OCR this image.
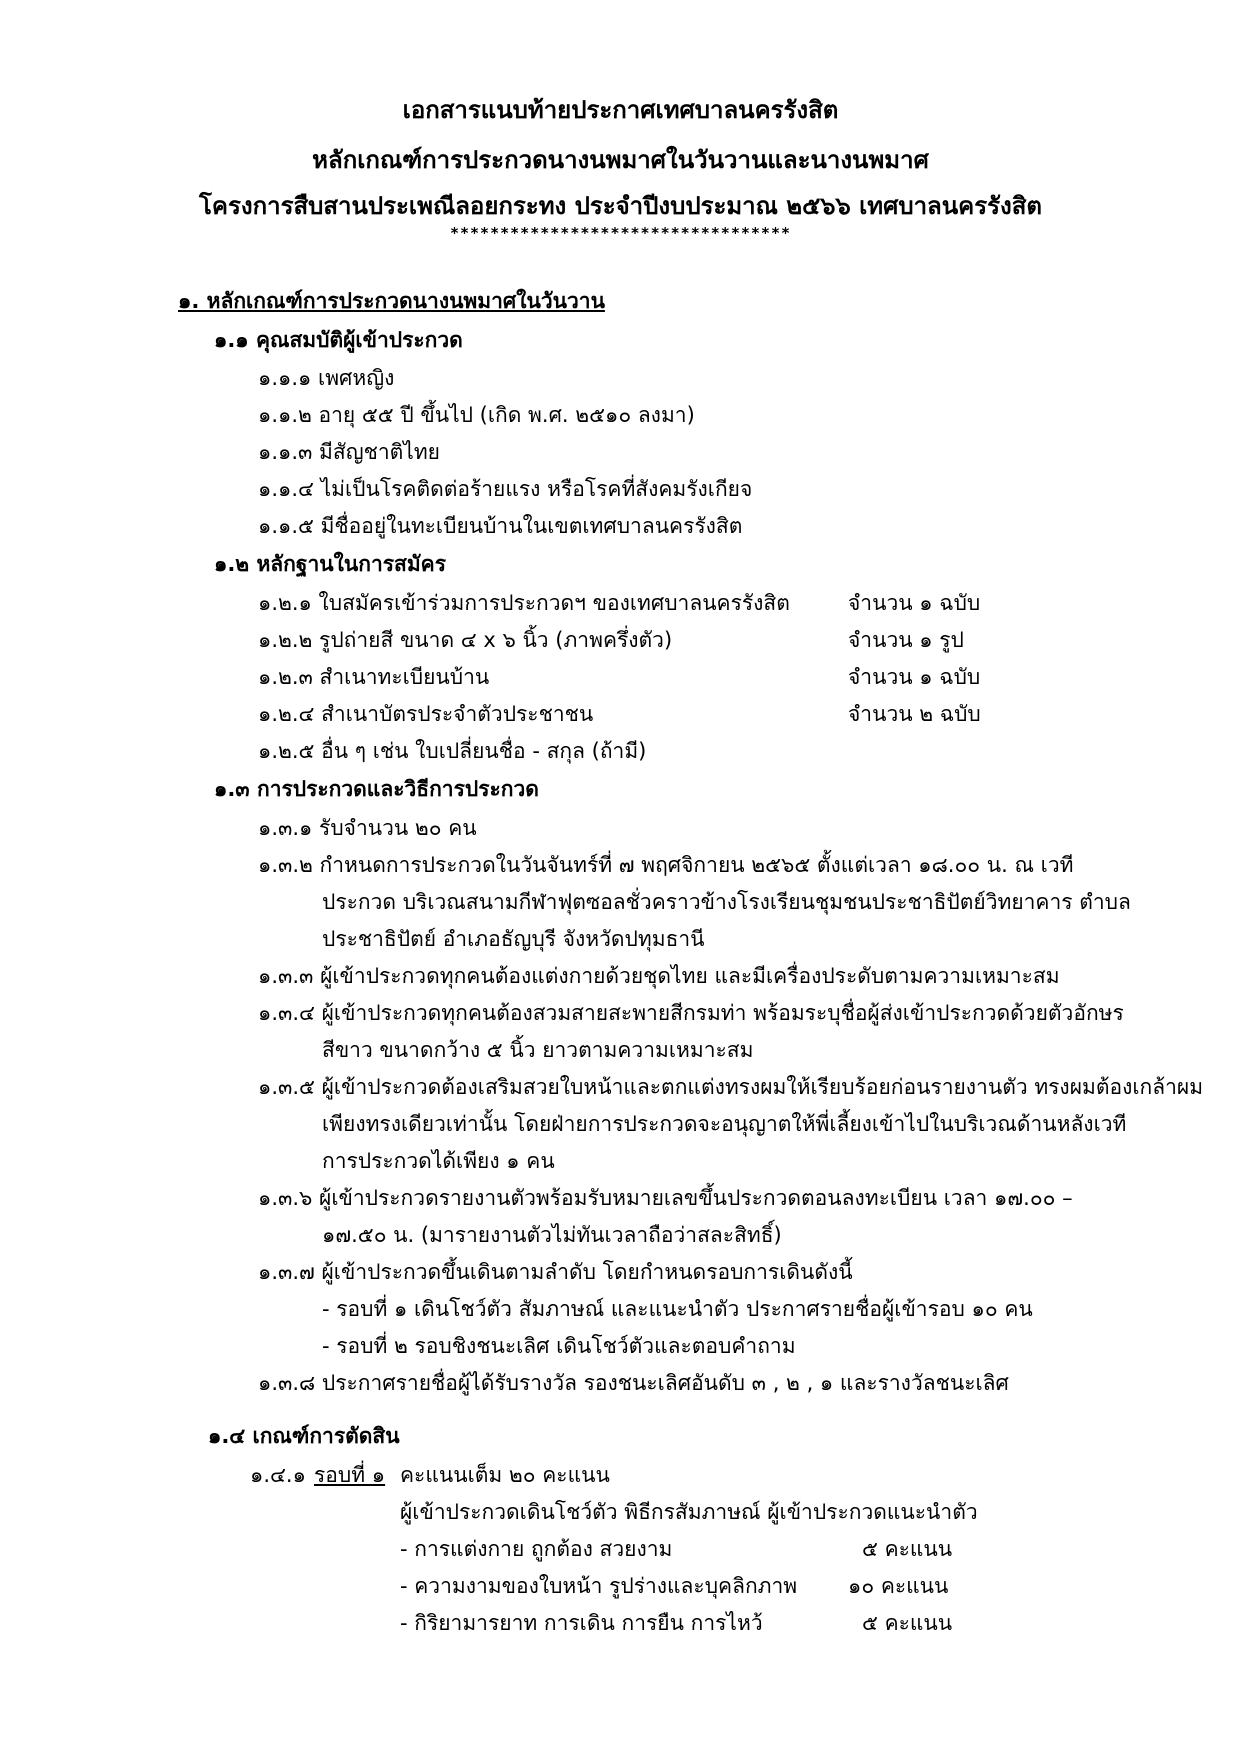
เอกสารแนบท้ายประกาศเทศบาลนครรังสิต
หลักเกณฑ์การประกวดนางนพมาศในวันวานและนางนพมาศ
โครงการสืบสานประเพณีลอยกระทง ประจำปีงบประมาณ ๒๕๖๖ เทศบาลนครรังสิต
**********************************
๑. หลักเกณฑ์การประกวดนางนพมาศในวันวาน
๑.๑ คุณสมบัติผู้เข้าประกวด
๑.๑.๑ เพศหญิง
๑.๑.๒ อายุ ๕๕ ปี ขึ้นไป (เกิด พ.ศ. ๒๕๑๐ ลงมา)
๑.๑.๓ มีสัญชาติไทย
๑.๑.๔ ไม่เป็นโรคติดต่อร้ายแรง หรือโรคที่สังคมรังเกียจ
๑.๑.๕ มีชื่ออยู่ในทะเบียนบ้านในเขตเทศบาลนครรังสิต
๑.๒ หลักฐานในการสมัคร
๑.๒.๑ ใบสมัครเข้าร่วมการประกวดฯ ของเทศบาลนครรังสิต	จำนวน ๑ ฉบับ
๑.๒.๒ รูปถ่ายสี ขนาด ๔ x ๖ นิ้ว (ภาพครึ่งตัว)	จำนวน ๑ รูป
๑.๒.๓ สำเนาทะเบียนบ้าน	จำนวน ๑ ฉบับ
๑.๒.๔ สำเนาบัตรประจำตัวประชาชน	จำนวน ๒ ฉบับ
๑.๒.๕ อื่น ๆ เช่น ใบเปลี่ยนชื่อ - สกุล (ถ้ามี)
๑.๓ การประกวดและวิธีการประกวด
๑.๓.๑ รับจำนวน ๒๐ คน
๑.๓.๒ กำหนดการประกวดในวันจันทร์ที่ ๗ พฤศจิกายน ๒๕๖๕ ตั้งแต่เวลา ๑๘.๐๐ น. ณ เวที
ประกวด บริเวณสนามกีฬาฟุตซอลชั่วคราวข้างโรงเรียนชุมชนประชาธิปัตย์วิทยาคาร ตำบล
ประชาธิปัตย์ อำเภอธัญบุรี จังหวัดปทุมธานี
๑.๓.๓ ผู้เข้าประกวดทุกคนต้องแต่งกายด้วยชุดไทย และมีเครื่องประดับตามความเหมาะสม
๑.๓.๔ ผู้เข้าประกวดทุกคนต้องสวมสายสะพายสีกรมท่า พร้อมระบุชื่อผู้ส่งเข้าประกวดด้วยตัวอักษร
สีขาว ขนาดกว้าง ๕ นิ้ว ยาวตามความเหมาะสม
๑.๓.๕ ผู้เข้าประกวดต้องเสริมสวยใบหน้าและตกแต่งทรงผมให้เรียบร้อยก่อนรายงานตัว ทรงผมต้องเกล้าผม
เพียงทรงเดียวเท่านั้น โดยฝ่ายการประกวดจะอนุญาตให้พี่เลี้ยงเข้าไปในบริเวณด้านหลังเวที
การประกวดได้เพียง ๑ คน
๑.๓.๖ ผู้เข้าประกวดรายงานตัวพร้อมรับหมายเลขขึ้นประกวดตอนลงทะเบียน เวลา ๑๗.๐๐ –
๑๗.๕๐ น. (มารายงานตัวไม่ทันเวลาถือว่าสละสิทธิ์)
๑.๓.๗ ผู้เข้าประกวดขึ้นเดินตามลำดับ โดยกำหนดรอบการเดินดังนี้
- รอบที่ ๑ เดินโชว์ตัว สัมภาษณ์ และแนะนำตัว ประกาศรายชื่อผู้เข้ารอบ ๑๐ คน
- รอบที่ ๒ รอบชิงชนะเลิศ เดินโชว์ตัวและตอบคำถาม
๑.๓.๘ ประกาศรายชื่อผู้ได้รับรางวัล รองชนะเลิศอันดับ ๓ , ๒ , ๑ และรางวัลชนะเลิศ
๑.๔ เกณฑ์การตัดสิน
๑.๔.๑ รอบที่ ๑ คะแนนเต็ม ๒๐ คะแนน
ผู้เข้าประกวดเดินโชว์ตัว พิธีกรสัมภาษณ์ ผู้เข้าประกวดแนะนำตัว
- การแต่งกาย ถูกต้อง สวยงาม	๕ คะแนน
- ความงามของใบหน้า รูปร่างและบุคลิกภาพ ๑๐ คะแนน
- กิริยามารยาท การเดิน การยืน การไหว้	๕ คะแนน
